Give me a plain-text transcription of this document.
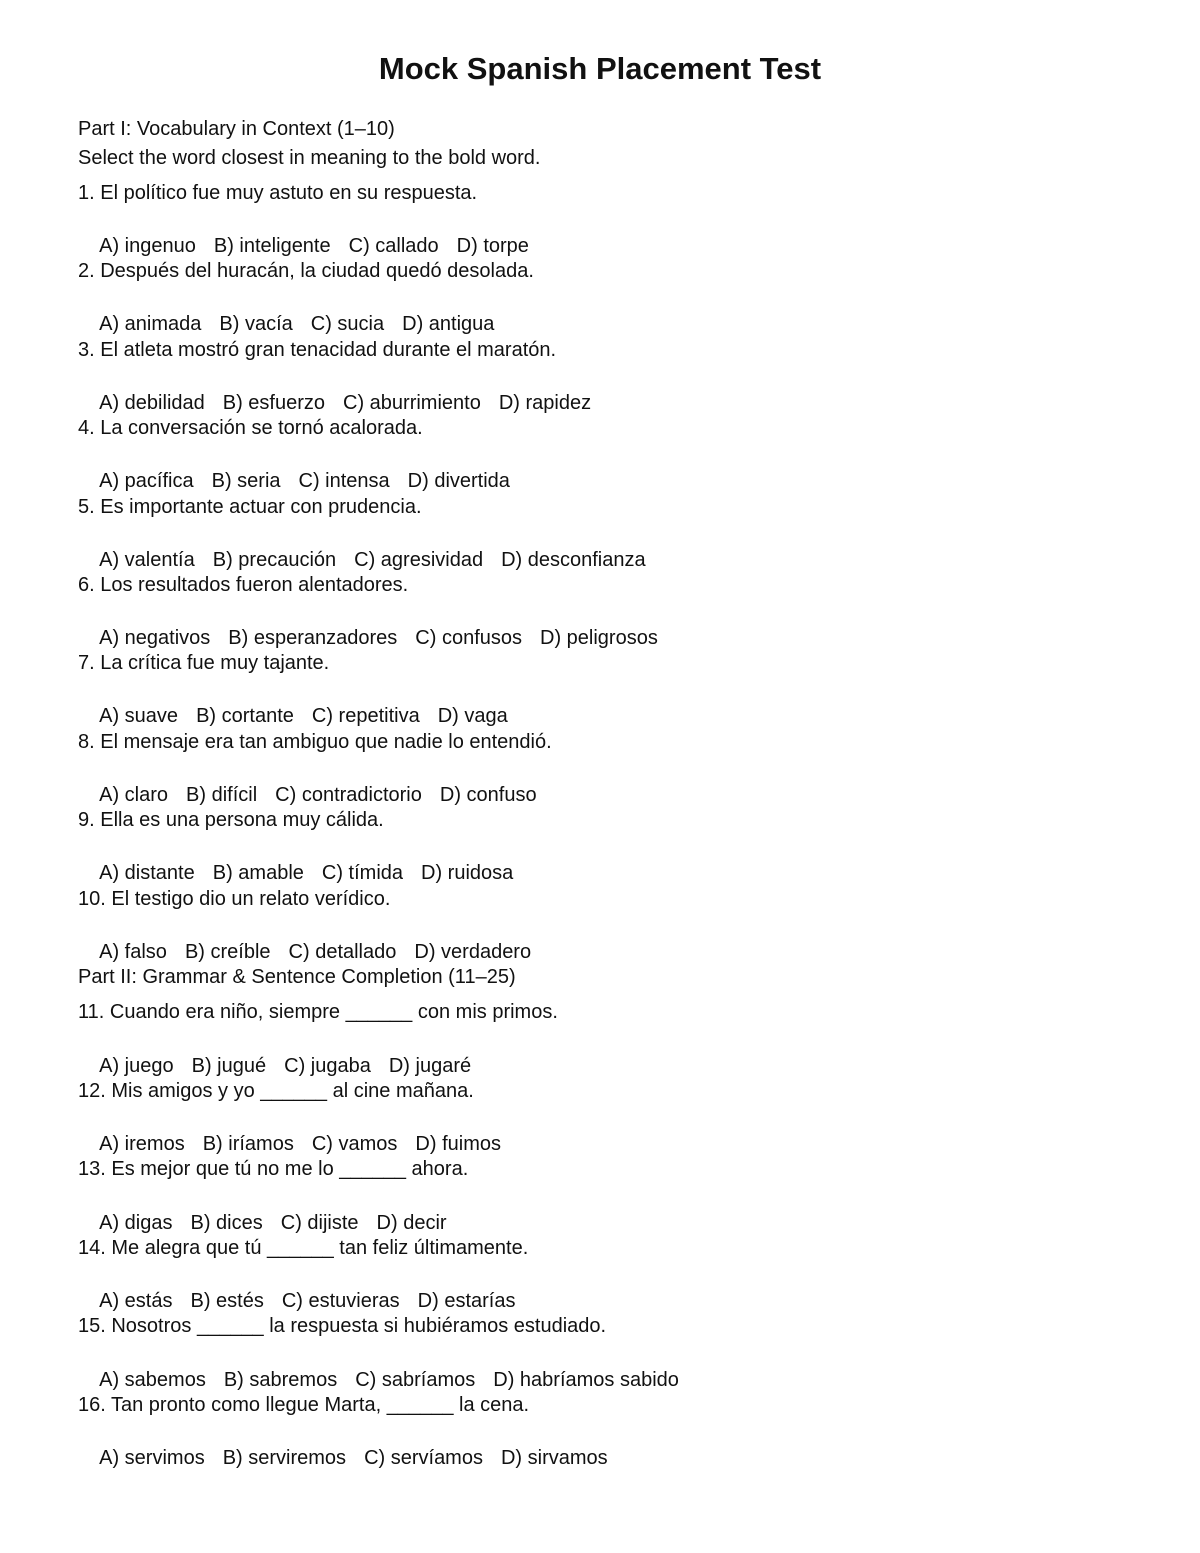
Mock Spanish Placement Test
Part I: Vocabulary in Context (1–10)
Select the word closest in meaning to the bold word.
1. El político fue muy astuto en su respuesta.

A) ingenuo B) inteligente C) callado D) torpe

2. Después del huracán, la ciudad quedó desolada.

A) animada B) vacía C) sucia D) antigua

3. El atleta mostró gran tenacidad durante el maratón.

A) debilidad B) esfuerzo C) aburrimiento D) rapidez

4. La conversación se tornó acalorada.

A) pacífica B) seria C) intensa D) divertida

5. Es importante actuar con prudencia.

A) valentía B) precaución C) agresividad D) desconfianza

6. Los resultados fueron alentadores.

A) negativos B) esperanzadores C) confusos D) peligrosos

7. La crítica fue muy tajante.

A) suave B) cortante C) repetitiva D) vaga

8. El mensaje era tan ambiguo que nadie lo entendió.

A) claro B) difícil C) contradictorio D) confuso

9. Ella es una persona muy cálida.

A) distante B) amable C) tímida D) ruidosa

10. El testigo dio un relato verídico.

A) falso B) creíble C) detallado D) verdadero

Part II: Grammar & Sentence Completion (11–25)
11. Cuando era niño, siempre ______ con mis primos.

A) juego B) jugué C) jugaba D) jugaré

12. Mis amigos y yo ______ al cine mañana.

A) iremos B) iríamos C) vamos D) fuimos

13. Es mejor que tú no me lo ______ ahora.

A) digas B) dices C) dijiste D) decir

14. Me alegra que tú ______ tan feliz últimamente.

A) estás B) estés C) estuvieras D) estarías

15. Nosotros ______ la respuesta si hubiéramos estudiado.

A) sabemos B) sabremos C) sabríamos D) habríamos sabido

16. Tan pronto como llegue Marta, ______ la cena.

A) servimos B) serviremos C) servíamos D) sirvamos
